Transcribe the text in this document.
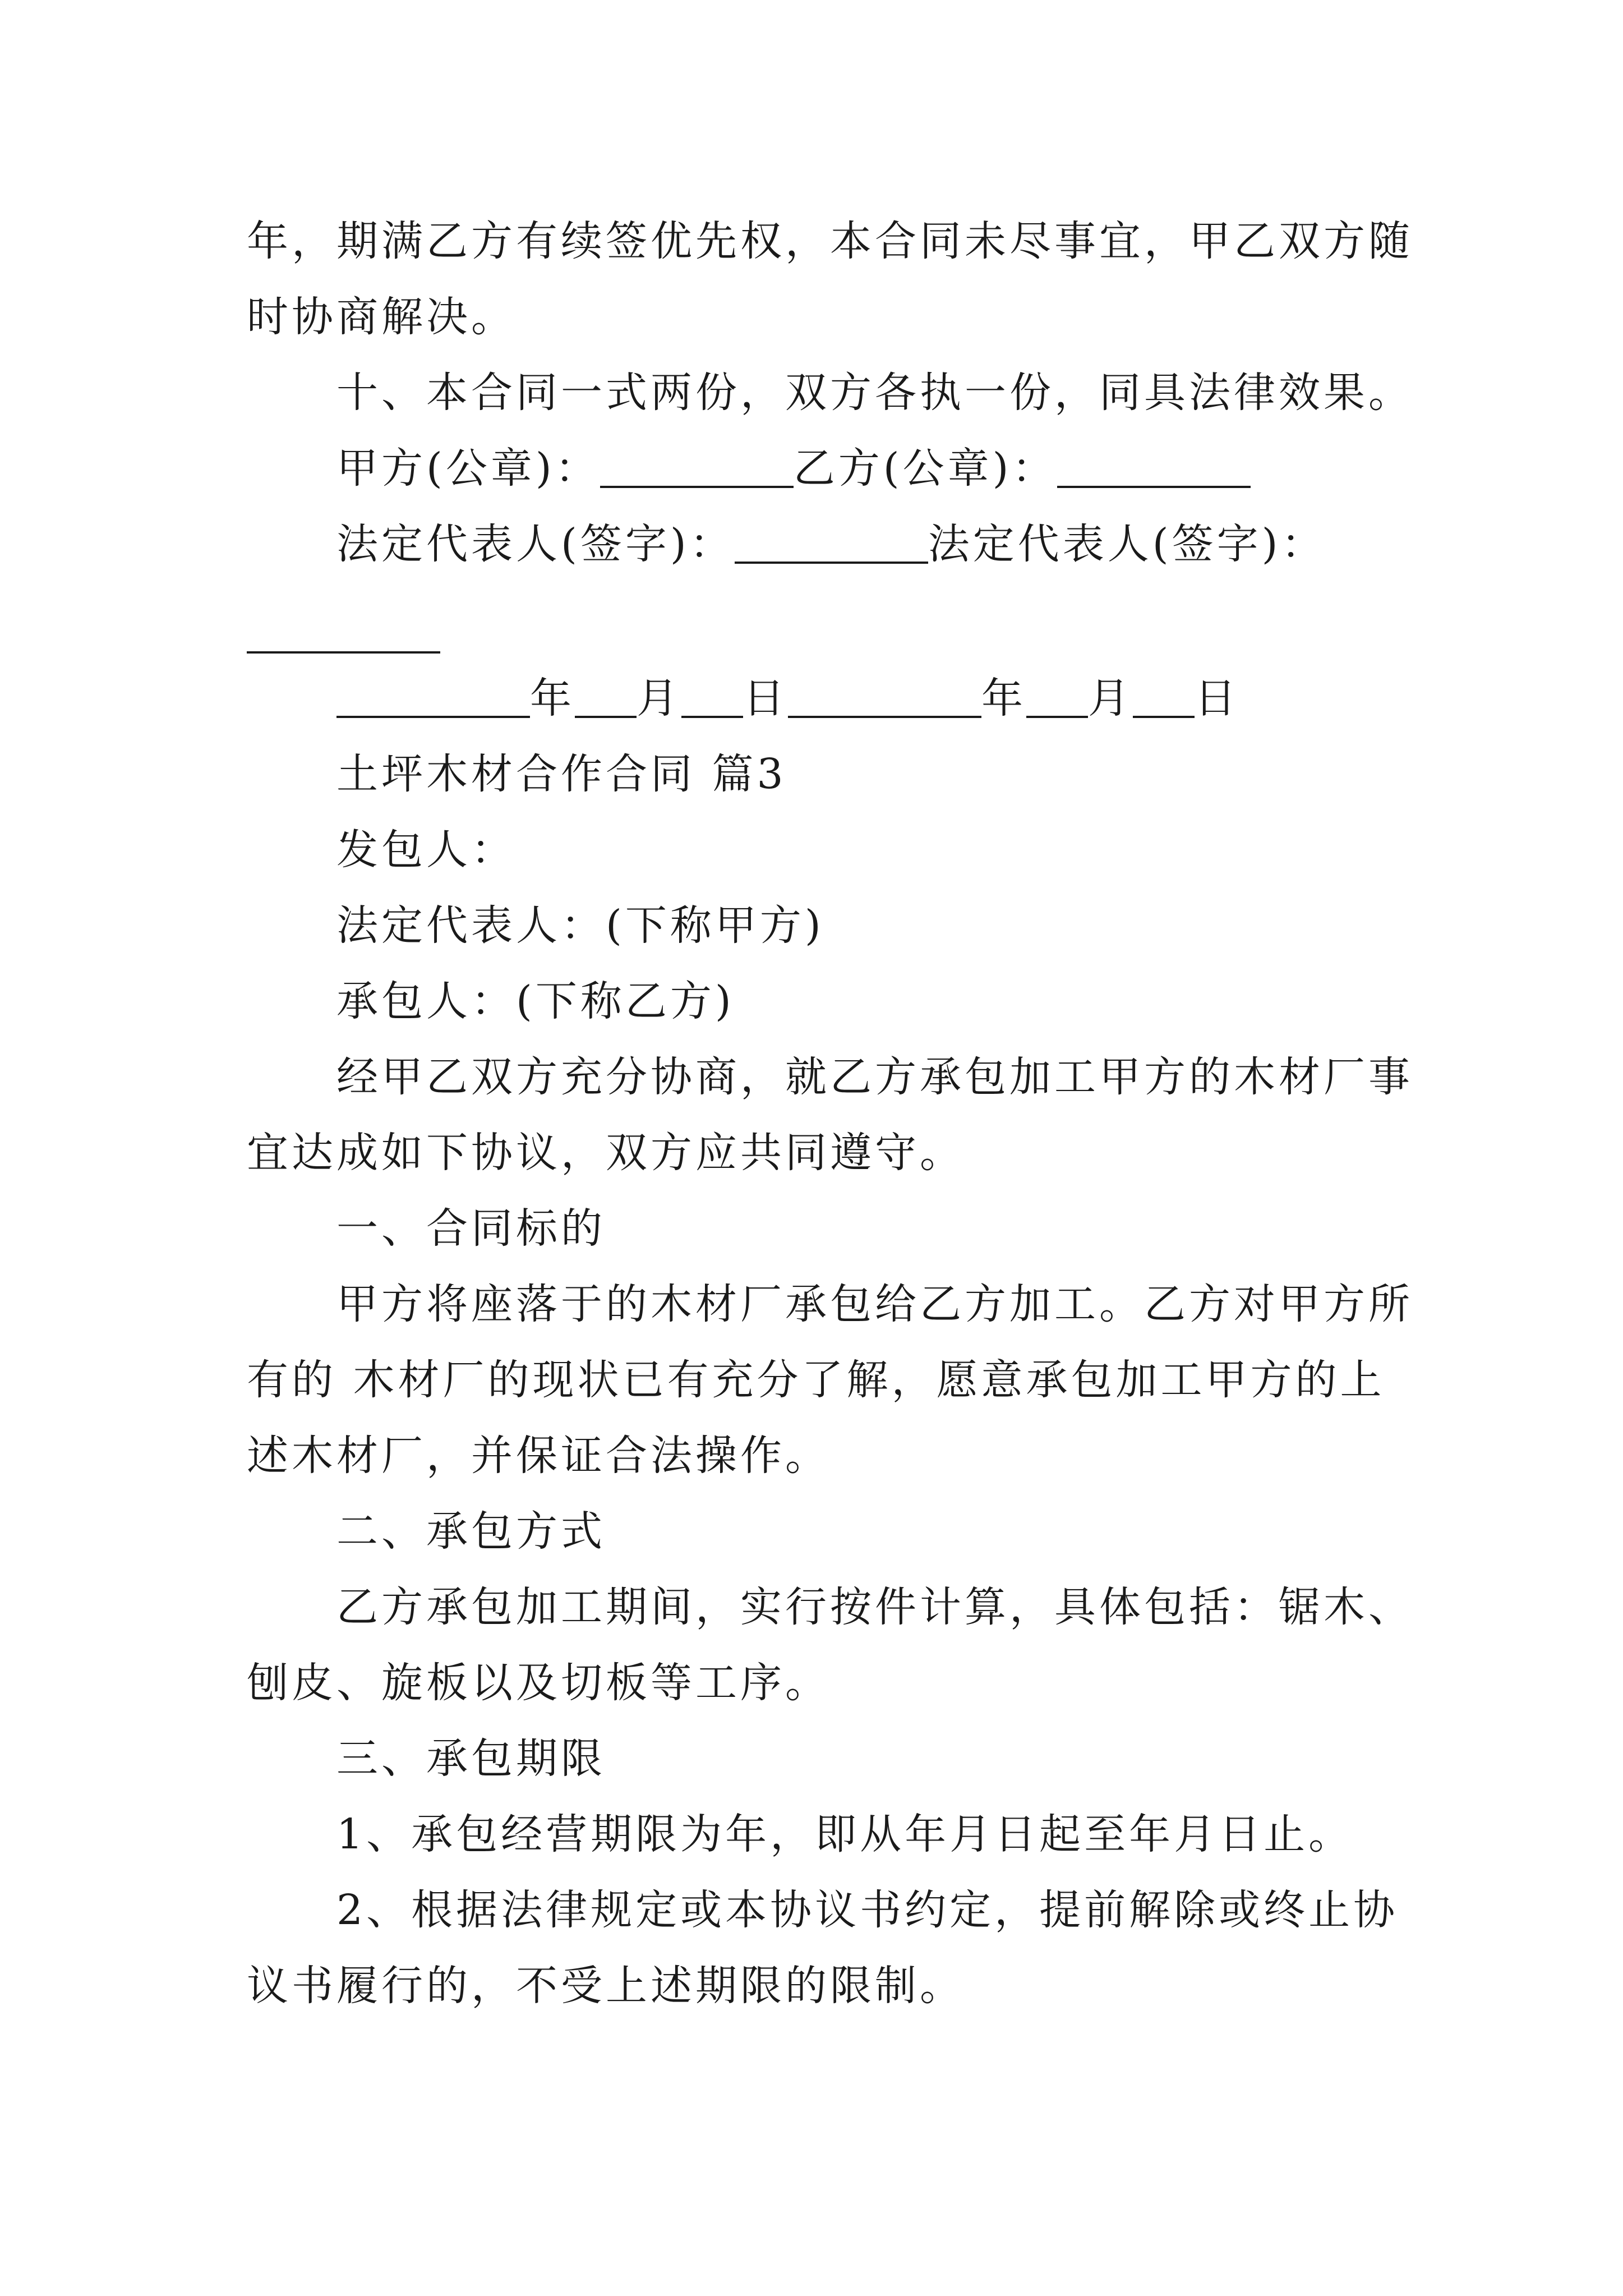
年，期满乙方有续签优先权，本合同未尽事宜，甲乙双方随
时协商解决。
十、本合同一式两份，双方各执一份，同具法律效果。
甲方(公章)：	乙方(公章)：
法定代表人(签字)：	法定代表人(签字)：
年 月 日	年 月 日
土坪木材合作合同 篇3
发包人：
法定代表人：(下称甲方)
承包人：(下称乙方)
经甲乙双方充分协商，就乙方承包加工甲方的木材厂事
宜达成如下协议，双方应共同遵守。
一、合同标的
甲方将座落于的木材厂承包给乙方加工。乙方对甲方所
有的 木材厂的现状已有充分了解，愿意承包加工甲方的上
述木材厂，并保证合法操作。
二、承包方式
乙方承包加工期间，实行按件计算，具体包括：锯木、
刨皮、旋板以及切板等工序。
三、承包期限
1、承包经营期限为年，即从年月日起至年月日止。
2、根据法律规定或本协议书约定，提前解除或终止协
议书履行的，不受上述期限的限制。
